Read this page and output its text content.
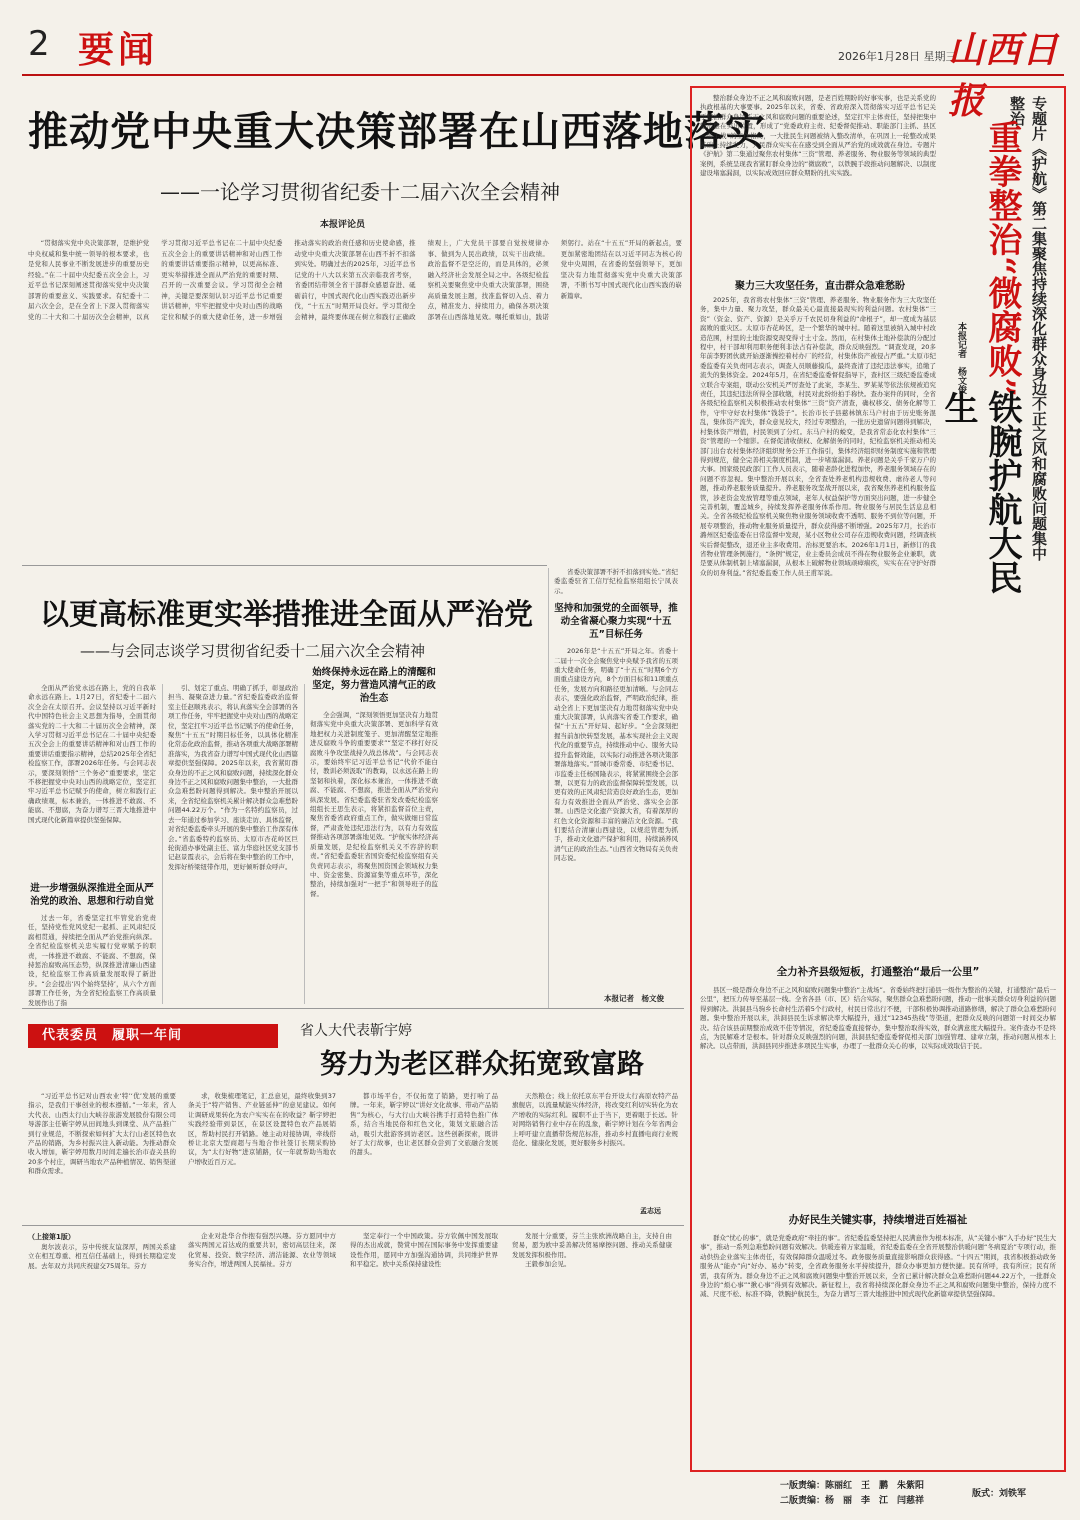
2 要闻	2026年1月28日 星期三
山西日报
推动党中央重大决策部署在山西落地落实
——一论学习贯彻省纪委十二届六次全会精神
本报评论员
“贯彻落实党中央决策部署，是维护党中央权威和集中统一领导的根本要求，也是党和人民事业不断发展进步的重要历史经验。”在二十届中央纪委五次全会上，习近平总书记深刻阐述贯彻落实党中央决策部署的重要意义、实践要求。有纪委十二届六次全会，是在全省上下深入贯彻落实党的二十大和二十届历次全会精神，以真学习贯彻习近平总书记在二十届中央纪委五次全会上的重要讲话精神和对山西工作的重要讲话重要指示精神，以更高标准、更实举措推进全面从严治党的重要时期、召开的一次重要会议。学习贯彻全会精神，关键是要深刻认识习近平总书记重要讲话精神，牢牢把握党中央对山西的战略定位和赋予的重大使命任务，进一步增强推动落实的政治责任感和历史使命感，推动党中央重大决策部署在山西不折不扣落到实处。明确过去的2025年，习近平总书记党的十八大以来第五次亲临我省考察，省委团结带领全省干部群众感恩奋进、砥砺前行，中国式现代化山西实践迈出新步伐，“十五五”时期开局良好。学习贯彻全会精神，最终要体现在树立和践行正确政绩观上，广大党员干部要自觉按规律办事、做到为人民出政绩，以实干出政绩。政治监督不是空泛的，而是具体的，必须融入经济社会发展全局之中。各级纪检监察机关要聚焦党中央重大决策部署，围绕高质量发展主题，找准监督切入点、着力点，精准发力、持续用力，确保各项决策部署在山西落地见效。嘱托重如山，践诺须躬行。站在“十五五”开局的新起点，要更加紧密地团结在以习近平同志为核心的党中央周围，在省委的坚强领导下，更加坚决有力地贯彻落实党中央重大决策部署，不断书写中国式现代化山西实践的崭新篇章。
以更高标准更实举措推进全面从严治党
——与会同志谈学习贯彻省纪委十二届六次全会精神

全面从严治党永远在路上，党的自我革命永远在路上。1月27日，省纪委十二届六次全会在太原召开。会议坚持以习近平新时代中国特色社会主义思想为指导，全面贯彻落实党的二十大和二十届历次全会精神，深入学习贯彻习近平总书记在二十届中央纪委五次全会上的重要讲话精神和对山西工作的重要讲话重要指示精神，总结2025年全省纪检监察工作，部署2026年任务。与会同志表示，要深刻领悟“三个务必”重要要求，坚定不移把握党中央对山西的战略定位，坚定扛牢习近平总书记赋予的使命，树立和践行正确政绩观，标本兼治，一体推进不敢腐、不能腐、不想腐，为奋力谱写三晋大地推进中国式现代化新篇章提供坚强保障。

进一步增强纵深推进全面从严治党的政治、思想和行动自觉

过去一年，省委坚定扛牢管党治党责任，坚持党性党风党纪一起抓、正风肃纪反腐相贯通，持续把全面从严治党推向纵深。全省纪检监察机关忠实履行党章赋予的职责，一体推进不敢腐、不能腐、不想腐，保持惩治腐败高压态势，纵深推进清廉山西建设，纪检监察工作高质量发展取得了新进步。“会会提出‘四个始终坚持’，从六个方面部署工作任务，为全省纪检监察工作高质量发展作出了指

引、划定了重点、明确了抓手，彰显政治担当、凝聚奋进力量。”省纪委监委政治监督室主任赵顺兆表示，将认真落实全会部署的各项工作任务，牢牢把握党中央对山西的战略定位，坚定扛牢习近平总书记赋予的使命任务，聚焦“十五五”时期目标任务，以具体化精准化常态化政治监督，推动各项重大战略部署精准落实，为我省奋力谱写中国式现代化山西篇章提供坚强保障。2025年以来，我省紧盯群众身边的不正之风和腐败问题，持续深化群众身边不正之风和腐败问题集中整治，一大批群众急难愁盼问题得到解决。集中整治开展以来，全省纪检监察机关累计解决群众急难愁盼问题44.22万个。“作为一名特约监察员，过去一年通过参加学习、座谈走访、具体监督，对省纪委监委牵头开展的集中整治工作深有体会。”省监委特约监察员、太原市杏花岭区巨轮街道办事处副主任、富力华庭社区党支部书记赵景霞表示，会后将在集中整治的工作中，发挥好桥梁纽带作用，更好倾听群众呼声。

始终保持永远在路上的清醒和坚定，努力营造风清气正的政治生态

全会强调，“深刻领悟更加坚决有力地贯彻落实党中央重大决策部署、更加科学有效地把权力关进制度笼子、更加清醒坚定地推进反腐败斗争的重要要求”“坚定不移打好反腐败斗争攻坚战持久战总体战”。与会同志表示，要始终牢记习近平总书记“代价不能白付，教训必须汲取”的教诲，以永远在路上的坚韧和执着，深化标本兼治，一体推进不敢腐、不能腐、不想腐，推进全面从严治党向纵深发展。省纪委监委驻省发改委纪检监察组组长王思生表示，将紧扣监督首位主责，聚焦省委省政府重点工作，做实做细日常监督，严肃查处违纪违法行为，以有力有效监督推动各项部署落地见效。“护航实体经济高质量发展，是纪检监察机关义不容辞的职责。”省纪委监委驻省国资委纪检监察组有关负责同志表示，将聚焦国资国企领域权力集中、资金密集、资源富集等重点环节，深化整治，持续加强对“一把手”和领导班子的监督。

省委决策部署不折不扣落到实处。”省纪委监委驻省工信厅纪检监察组组长宁凤表示。

坚持和加强党的全面领导，推动全省凝心聚力实现“十五五”目标任务

2026年是“十五五”开局之年。省委十二届十一次全会聚焦党中央赋予我省的五项重大使命任务，明确了“十五五”时期6个方面重点建设方向，8个方面目标和11项重点任务，发展方向和路径更加清晰。与会同志表示，要强化政治监督，严明政治纪律，推动全省上下更加坚决有力地贯彻落实党中央重大决策部署，认真落实省委工作要求，确保“十五五”开好局、起好步。“全会深刻把握当前加快转型发展，基本实现社会主义现代化的重要节点，持续推动中心、服务大局提升监督效能，以实际行动推进各项决策部署落地落实。”晋城市委常委、市纪委书记、市监委主任杨国隆表示，将紧紧围绕全会部署，以更有力的政治监督保障转型发展，以更有效的正风肃纪营造良好政治生态，更加有力有效推进全面从严治党、落实全会部署。山西是文化遗产资源大省，有着深厚的红色文化资源和丰富的廉洁文化资源。“我们要结合清廉山西建设，以规范管理为抓手，推动文化遗产保护和利用，持续涵养风清气正的政治生态。”山西省文物局有关负责同志说。

本报记者　杨文俊
代表委员　履职一年间	省人大代表靳宇婷
努力为老区群众拓宽致富路
“习近平总书记对山西农业‘特’‘优’发展的重要指示，是我们干事创业的根本遵循。”一年来，省人大代表、山西太行山大峡谷旅游发展股份有限公司导游部主任靳宇婷从田间地头到课堂、从产品推广到行业规范，不断探索如何扩大太行山老区特色农产品的销路，为乡村振兴注入新动能。为推动群众收入增加，靳宇婷用数月时间走遍长治市壶关县的20多个村庄，调研当地农产品种植情况、销售渠道和群众需求。
求，收集梳理笔记，汇总意见，最终收集到37条关于“特产销售、产业链延伸”的意见建议。如何让调研成果转化为农户实实在在的收益？靳宇婷把实践经验带到景区，在景区设置特色农产品展销区，帮助村民打开销路。她主动对接协调，牵线搭桥让北京大型商超与当地合作社签订长期采购协议，为“太行好物”进京铺路，仅一年就帮助当地农户增收近百万元。
都市场平台，不仅拓宽了销路，更打响了品牌。一年来，靳宇婷以“讲好文化故事、带动产品销售”为核心，与大行山大峡谷携手打造特色推广体系，结合当地民俗和红色文化，策划文旅融合活动，吸引大批游客到访老区。这些创新探索，既讲好了太行故事，也让老区群众尝到了文旅融合发展的甜头。
天然粮仓；线上依托京东平台开设太行高原农特产品旗舰店，以流量赋能实体经济，将改变红利切实转化为农产增收的实际红利。履职不止于当下，更着眼于长远。针对网络销售行业中存在的乱象，靳宇婷计划在今年省两会上呼吁建立直播带货规范标准，推动乡村直播电商行业规范化、健康化发展，更好服务乡村振兴。
孟志远
（上接第1版）
奥尔波表示，芬中传统友谊深厚，两国关系建立在相互尊重、相互信任基础上，得到长期稳定发展。去年双方共同庆祝建交75周年。芬方
企业对赴华合作抱有强烈兴趣。芬方愿同中方落实两国元首达成的重要共识，密切高层往来，深化贸易、投资、数字经济、清洁能源、农业等领域务实合作，增进两国人民福祉。芬方
坚定奉行一个中国政策。芬方钦佩中国发展取得的杰出成就，赞赏中国在国际事务中发挥重要建设性作用，愿同中方加强沟通协调，共同维护世界和平稳定。欧中关系保持建设性

发展十分重要，芬兰主张欧洲战略自主，支持自由贸易，愿为欧中妥善解决贸易摩擦问题、推动关系健康发展发挥积极作用。

王毅参加会见。

整治群众身边不正之风和腐败问题，是老百姓期盼的好事实事，也是关系党的执政根基的大事要事。2025年以来，省委、省政府深入贯彻落实习近平总书记关于整治群众身边不正之风和腐败问题的重要论述，坚定扛牢主体责任，坚持把集中整治摆在突出位置，形成了“党委政府主责、纪委督促推动、职能部门主抓、县区一级主战”的工作格局，一大批民生问题被纳入整改清单，在巩固上一轮整改成果基础上持续发力，人民群众实实在在感受到全面从严治党的成效就在身边。专题片《护航》第二集通过聚焦农村集体“三资”管理、养老服务、物业服务等领域的典型案例，系统呈现我省紧盯群众身边的“微腐败”，以铁腕手段推动问题解决、以制度建设堵塞漏洞，以实际成效回应群众期盼的扎实实践。	专题片《护航》第二集聚焦持续深化群众身边不正之风和腐败问题集中整治
重拳整治“微腐败”
铁腕护航大民生
本报记者　杨文俊
聚力三大攻坚任务，直击群众急难愁盼
2025年，我省将农村集体“三资”管理、养老服务、物业服务作为三大攻坚任务，集中力量、聚力攻坚，群众最关心最直接最现实的利益问题。农村集体“三资”（资金、资产、资源）是关乎万千农民切身利益的“命根子”，却一度成为基层腐败的重灾区。太原市杏花岭区，是一个繁华的城中村。随着这里被纳入城中村改造范围，村里的土地资源变现变得寸土寸金。然而，在村集体土地补偿款的分配过程中，村干部却利用职务便利非法占有补偿款，群众反映强烈。“调查发现，20多年前李野团伙就开始逐渐操控着村办厂的经营，村集体资产被侵占严重。”太原市纪委监委有关负责同志表示，调查人员顺藤摸瓜，最终查清了违纪违法事实，追缴了流失的集体资金。2024年5月，在省纪委监委督促指导下，查村区三级纪委监委成立联合专案组，联动公安机关严厉查处了此案，李某生、罗某某等依法依规被追究责任，其违纪违法所得全部收缴，村民对此纷纷拍手称快。查办案件的同时，全省各级纪检监察机关积极推动农村集体“三资”资产清查，确权移交、债务化解等工作，守牢守好农村集体“钱袋子”。长治市长子县慈林镇东马户村由于历史账务混乱，集体资产流失，群众意见较大，经过专项整治，一批历史遗留问题得到解决，村集体资产增值，村民领到了分红。东马户村的蜕变，是我省常态化农村集体“三资”管理的一个缩影。在督促清收债权、化解债务的同时，纪检监察机关推动相关部门出台农村集体经济组织财务公开工作指引，集体经济组织财务制度实施和管理得到规范，健全完善相关制度机制，进一步堵塞漏洞。养老问题是关乎千家万户的大事。国家级民政部门工作人员表示，随着老龄化进程加快，养老服务领域存在的问题不容忽视。集中整治开展以来，全省查处养老机构违规收费、虐待老人等问题，推动养老服务质量提升。养老服务攻坚战开展以来，我省聚焦养老机构服务监管，涉老资金发放管理等重点领域，老年人权益保护等方面突出问题，进一步健全完善机制，覆盖城乡，持续发挥养老服务体系作用。物业服务与居民生活息息相关。全省各级纪检监察机关聚焦物业服务领域收费不透明、服务不到位等问题，开展专项整治，推动物业服务质量提升，群众获得感不断增强。2025年7月，长治市潞州区纪委监委在日常监督中发现，某小区物业公司存在违规收费问题，经调查核实后督促整改，退还业主多收费用。治标更要治本。2026年1月1日，新修订的我省物业管理条例施行，“条例”规定，业主委员会成员不得在物业服务企业兼职，就是要从体制机制上堵塞漏洞，从根本上破解物业领域顽瘴痼疾，实实在在守护好群众的切身利益。”省纪委监委工作人员王甫军说。
全力补齐县级短板，打通整治“最后一公里”
县区一级是群众身边不正之风和腐败问题集中整治“主战场”。省委始终把打通县一级作为整治的关键，打通整治“最后一公里”，把压力传导至基层一线。全省各县（市、区）结合实际，聚焦群众急难愁盼问题，推动一批事关群众切身利益的问题得到解决。洪洞县马驹乡长命村生活着5个行政村，村民日常出行不便，干部积极协调推动道路修缮，解决了群众急难愁盼问题。集中整治开展以来，洪洞县民生诉求解决率大幅提升，通过“12345热线”等渠道，把群众反映的问题第一时间交办解决。结合该县前期整治成效不佳等情况，省纪委监委直接督办，集中整治取得实效，群众满意度大幅提升。案件查办不是终点，为民解难才是根本。针对群众反映强烈的问题，洪洞县纪委监委督促相关部门加强管理、建章立制，推动问题从根本上解决。以点带面，洪洞县同步推进多项民生实事，办理了一批群众关心的事，以实际成效取信于民。
办好民生关键实事，持续增进百姓福祉
群众“忧心的事”，就是党委政府“牵挂的事”。省纪委监委坚持把人民满意作为根本标准，从“关键小事”入手办好“民生大事”，推动一系列急难愁盼问题有效解决。供暖连着万家温暖，省纪委监委在全省开展整治供暖问题“冬病夏治”专项行动，推动供热企业落实主体责任，有效保障群众温暖过冬。政务服务质量直接影响群众获得感。“十四五”期间，我省积极推动政务服务从“能办”向“好办、易办”转变，全省政务服务水平持续提升，群众办事更加方便快捷。民有所呼，我有所应；民有所需，我有所为。群众身边不正之风和腐败问题集中整治开展以来，全省已累计解决群众急难愁盼问题44.22万个，一批群众身边的“烦心事”“揪心事”得到有效解决。新征程上，我省将持续深化群众身边不正之风和腐败问题集中整治，保持力度不减、尺度不松、标准不降，铁腕护航民生，为奋力谱写三晋大地推进中国式现代化新篇章提供坚强保障。
一版责编：陈丽红　王　鹏　朱紫阳
二版责编：杨　丽　李　江　闫慈祥
版式：刘铁军
